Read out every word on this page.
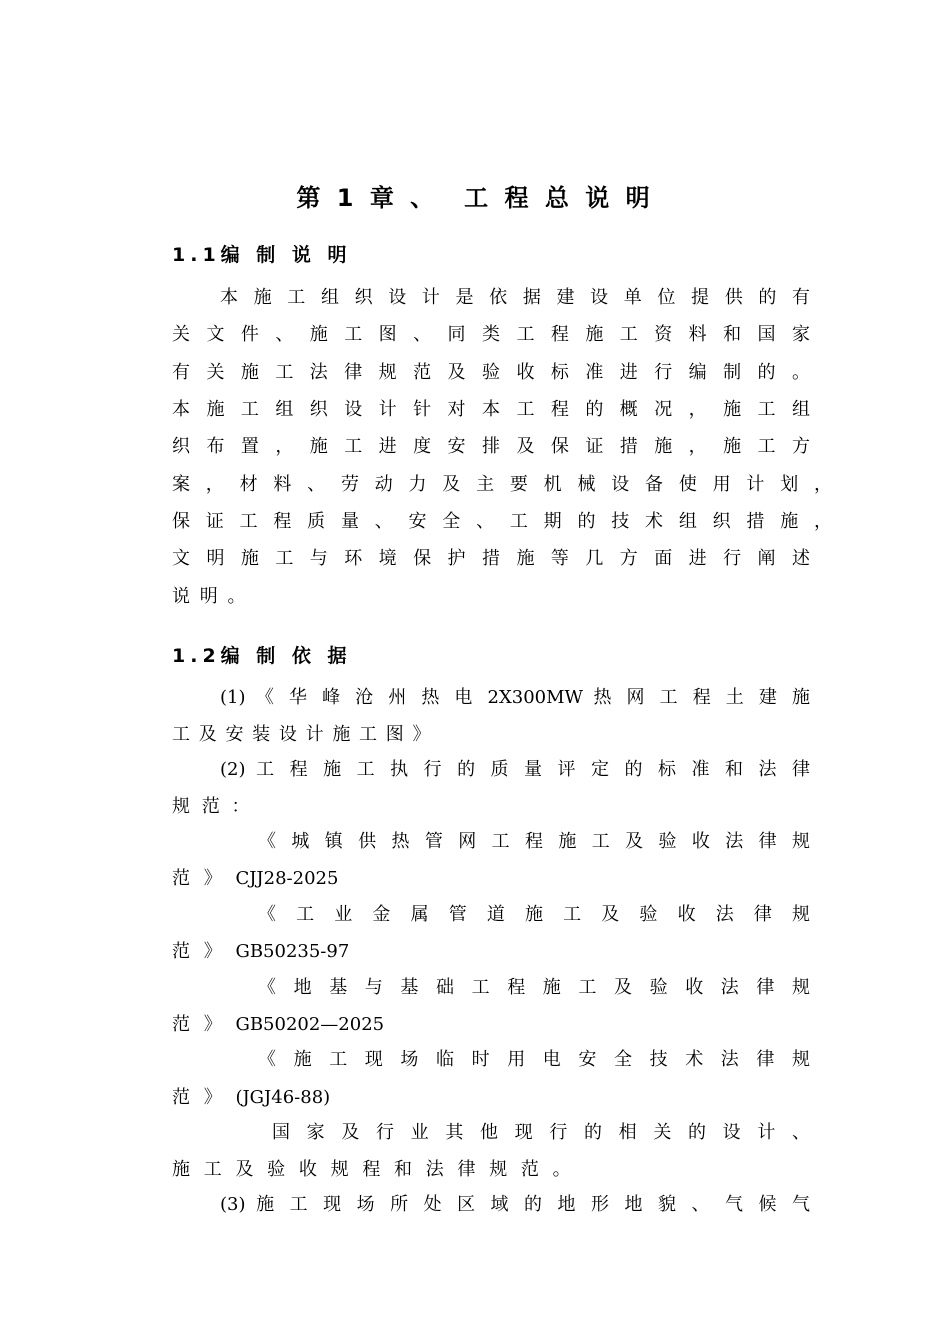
第 1 章 、 工 程 总 说 明
1.1编 制 说 明
本 施 工 组 织 设 计 是 依 据 建 设 单 位 提 供 的 有
关 文 件 、 施 工 图 、 同 类 工 程 施 工 资 料 和 国 家
有 关 施 工 法 律 规 范 及 验 收 标 准 进 行 编 制 的 。
本 施 工 组 织 设 计 针 对 本 工 程 的 概 况 ， 施 工 组
织 布 置 ， 施 工 进 度 安 排 及 保 证 措 施 ， 施 工 方
案 ， 材 料 、 劳 动 力 及 主 要 机 械 设 备 使 用 计 划 ，
保 证 工 程 质 量 、 安 全 、 工 期 的 技 术 组 织 措 施 ，
文 明 施 工 与 环 境 保 护 措 施 等 几 方 面 进 行 阐 述
说 明 。
1.2编 制 依 据
(1) 《 华 峰 沧 州 热 电 2X300MW 热 网 工 程 土 建 施
工 及 安 装 设 计 施 工 图 》
(2) 工 程 施 工 执 行 的 质 量 评 定 的 标 准 和 法 律
规 范 ：
《 城 镇 供 热 管 网 工 程 施 工 及 验 收 法 律 规
范 》 CJJ28-2025
《 工 业 金 属 管 道 施 工 及 验 收 法 律 规
范 》 GB50235-97
《 地 基 与 基 础 工 程 施 工 及 验 收 法 律 规
范 》 GB50202—2025
《 施 工 现 场 临 时 用 电 安 全 技 术 法 律 规
范 》 (JGJ46-88)
国 家 及 行 业 其 他 现 行 的 相 关 的 设 计 、
施 工 及 验 收 规 程 和 法 律 规 范 。
(3) 施 工 现 场 所 处 区 域 的 地 形 地 貌 、 气 候 气
